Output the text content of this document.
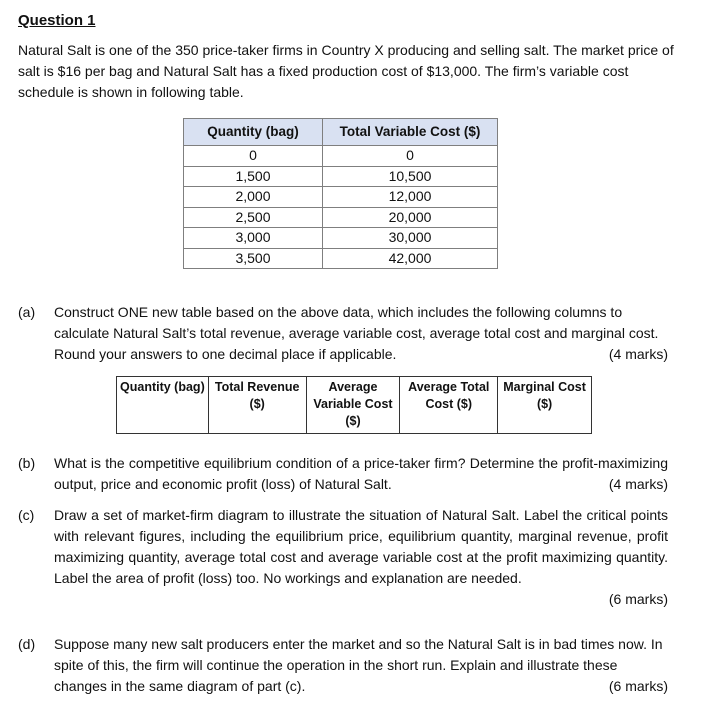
Question 1
Natural Salt is one of the 350 price-taker firms in Country X producing and selling salt. The market price of salt is $16 per bag and Natural Salt has a fixed production cost of $13,000. The firm’s variable cost schedule is shown in following table.
Quantity (bag)	Total Variable Cost ($)
0	0
1,500	10,500
2,000	12,000
2,500	20,000
3,000	30,000
3,500	42,000
(a) Construct ONE new table based on the above data, which includes the following columns to calculate Natural Salt’s total revenue, average variable cost, average total cost and marginal cost. Round your answers to one decimal place if applicable.	(4 marks)
Quantity (bag)	Total Revenue ($)	Average Variable Cost ($)	Average Total Cost ($)	Marginal Cost ($)
(b) What is the competitive equilibrium condition of a price-taker firm? Determine the profit-maximizing output, price and economic profit (loss) of Natural Salt.	(4 marks)
(c) Draw a set of market-firm diagram to illustrate the situation of Natural Salt. Label the critical points with relevant figures, including the equilibrium price, equilibrium quantity, marginal revenue, profit maximizing quantity, average total cost and average variable cost at the profit maximizing quantity. Label the area of profit (loss) too. No workings and explanation are needed.
(6 marks)
(d) Suppose many new salt producers enter the market and so the Natural Salt is in bad times now. In spite of this, the firm will continue the operation in the short run. Explain and illustrate these changes in the same diagram of part (c).	(6 marks)
